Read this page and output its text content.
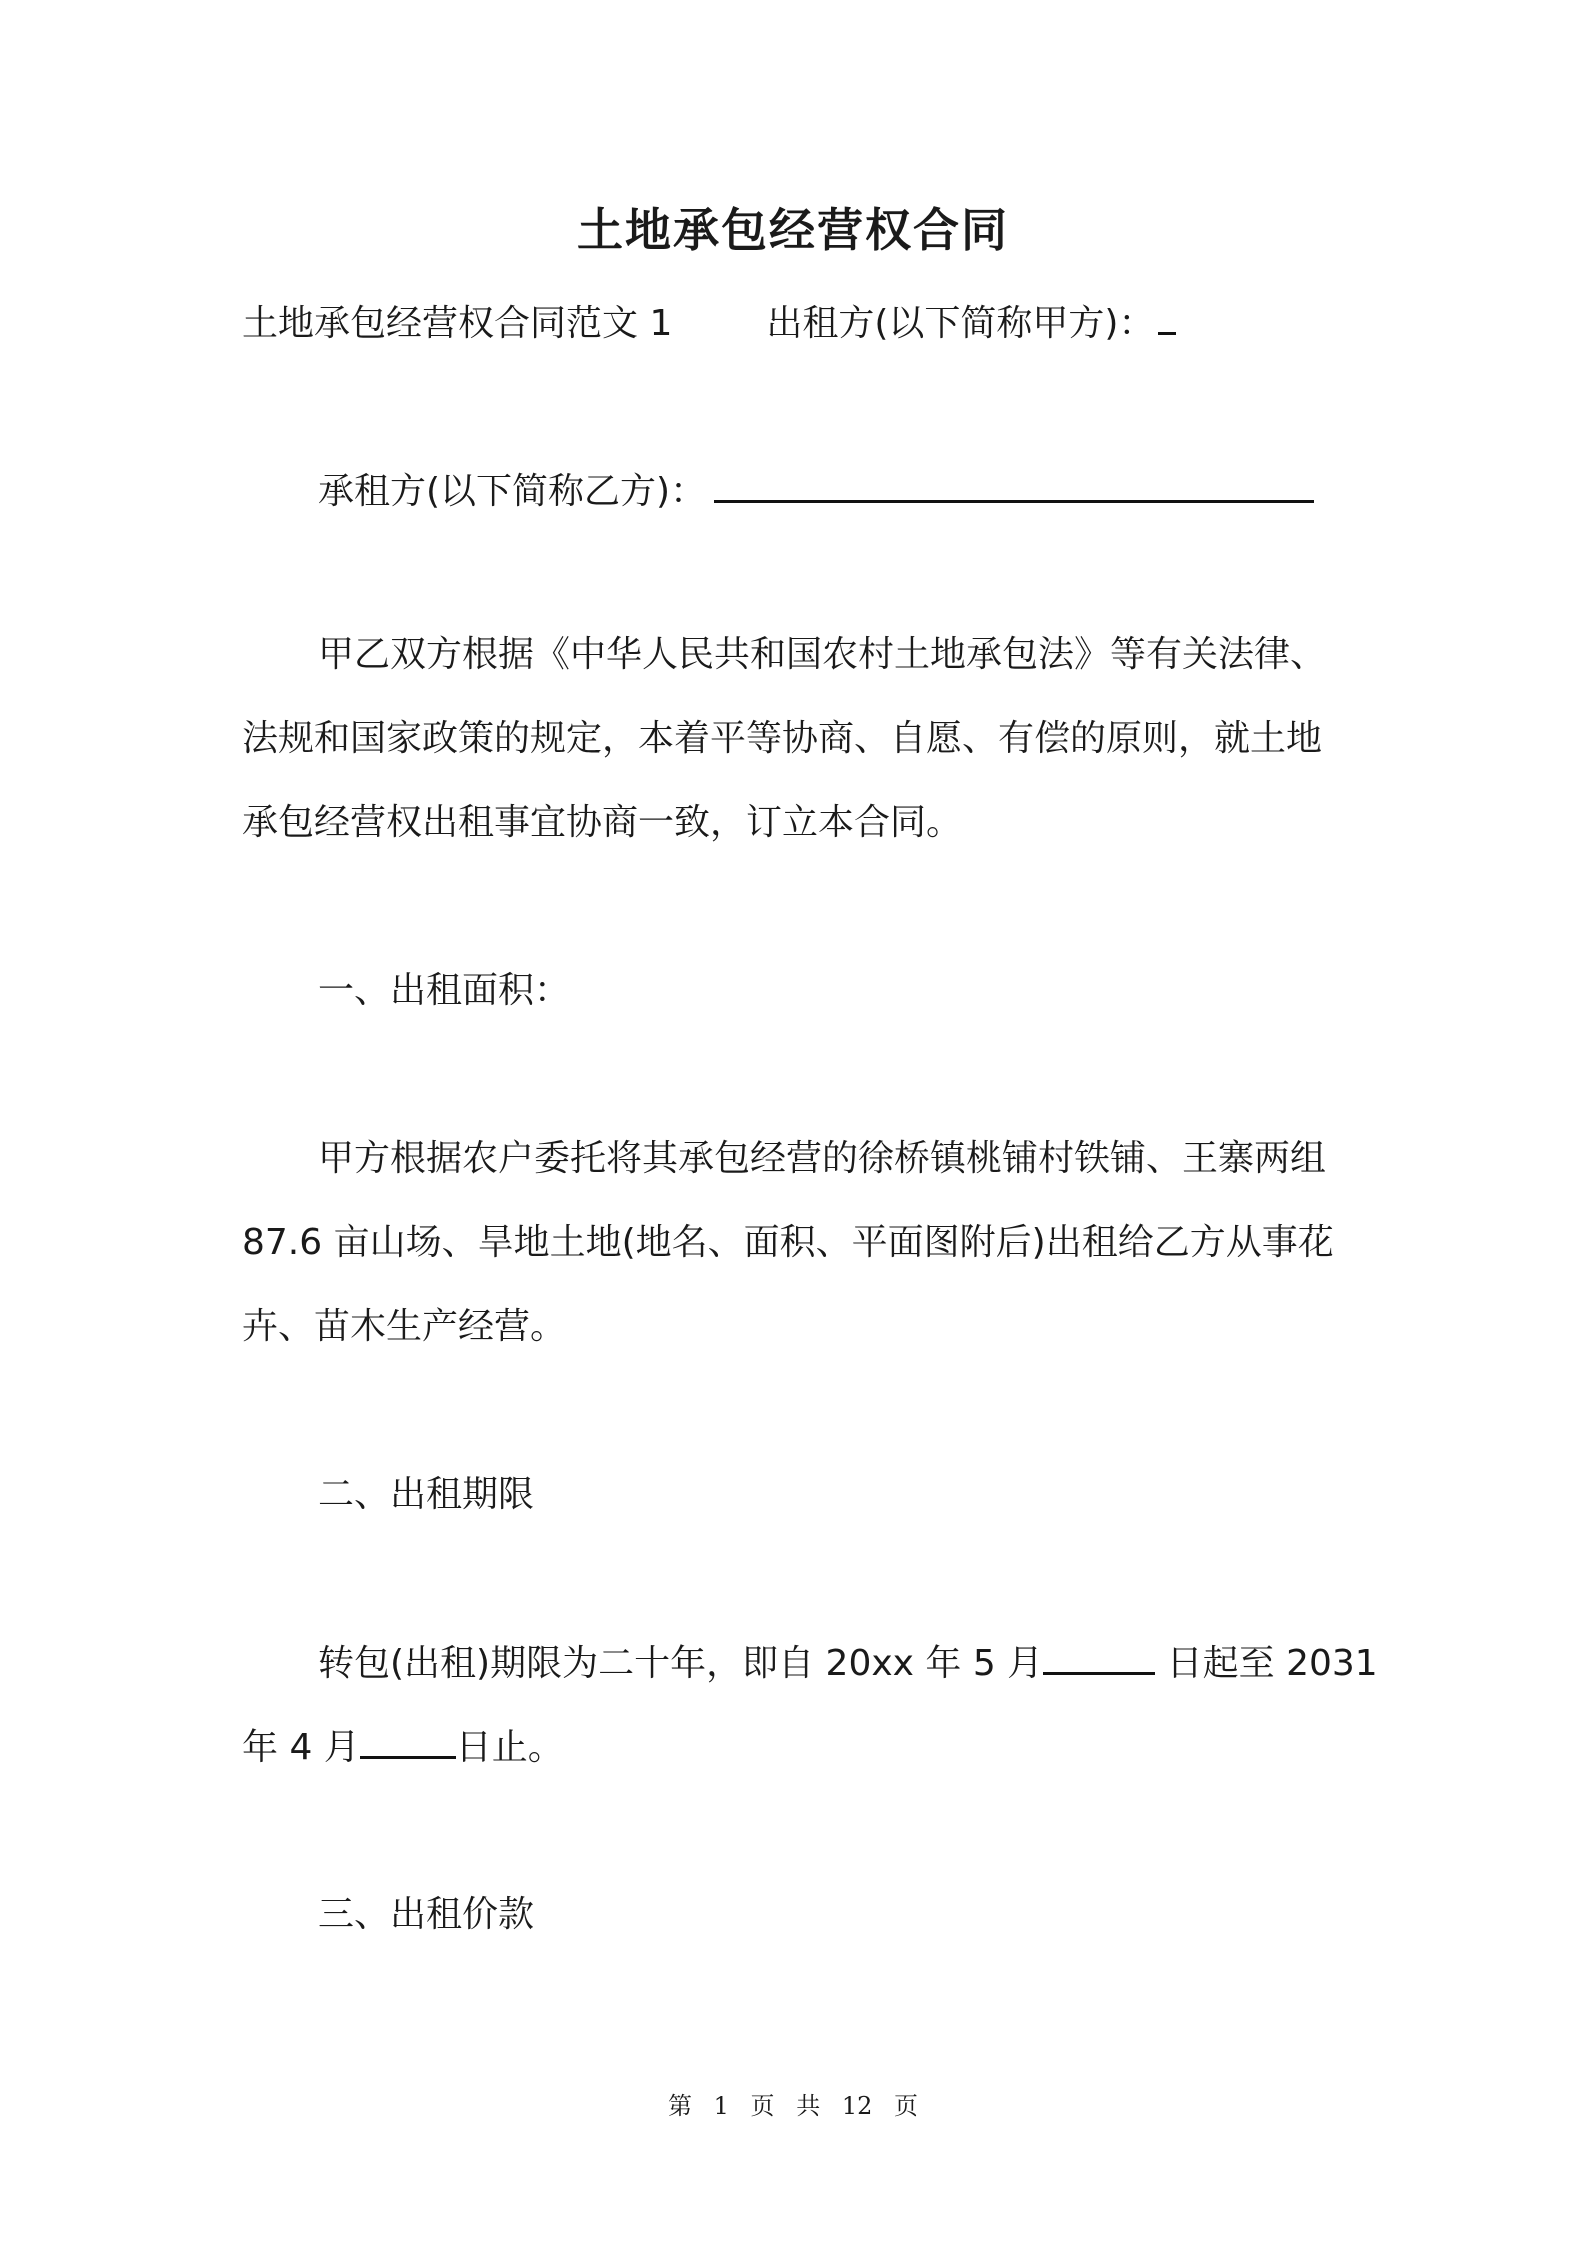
土地承包经营权合同
土地承包经营权合同范文 1	出租方(以下简称甲方)：
承租方(以下简称乙方)：
甲乙双方根据《中华人民共和国农村土地承包法》等有关法律、
法规和国家政策的规定，本着平等协商、自愿、有偿的原则，就土地
承包经营权出租事宜协商一致，订立本合同。
一、出租面积：
甲方根据农户委托将其承包经营的徐桥镇桃铺村铁铺、王寨两组
87.6 亩山场、旱地土地(地名、面积、平面图附后)出租给乙方从事花
卉、苗木生产经营。
二、出租期限
转包(出租)期限为二十年，即自 20xx 年 5 月	日起至 2031
年 4 月	日止。
三、出租价款
第 1 页 共 12 页
